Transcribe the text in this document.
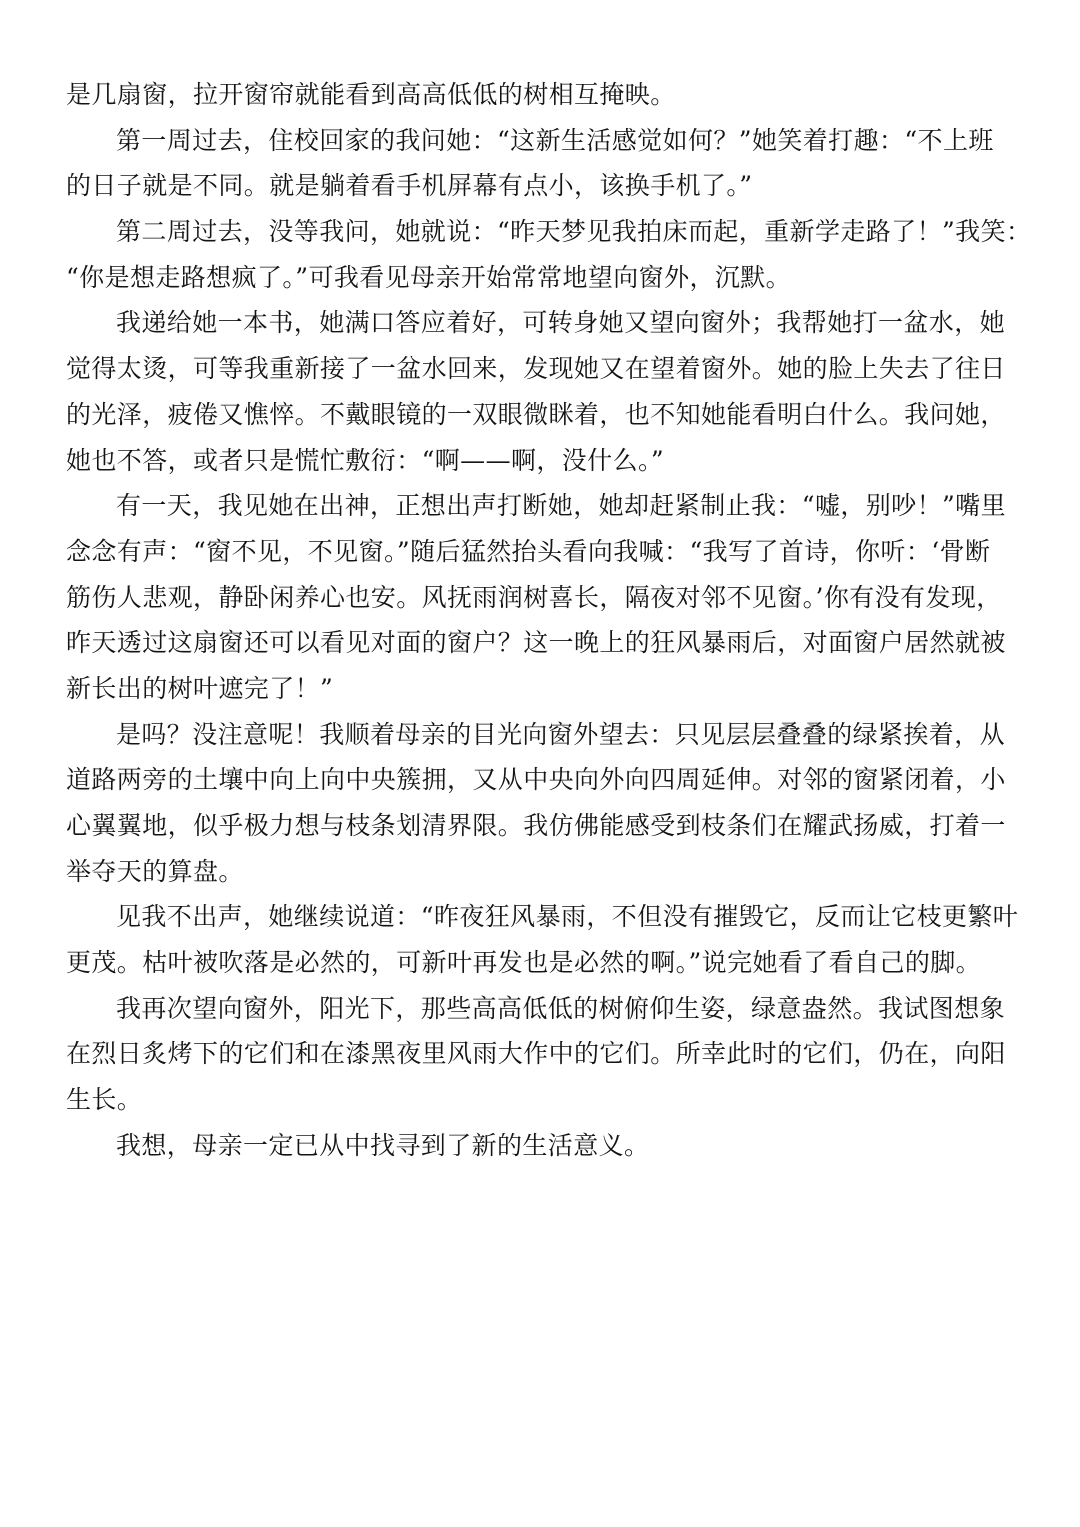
是几扇窗，拉开窗帘就能看到高高低低的树相互掩映。
第一周过去，住校回家的我问她：“这新生活感觉如何？”她笑着打趣：“不上班
的日子就是不同。就是躺着看手机屏幕有点小，该换手机了。”
第二周过去，没等我问，她就说：“昨天梦见我拍床而起，重新学走路了！”我笑：
“你是想走路想疯了。”可我看见母亲开始常常地望向窗外，沉默。
我递给她一本书，她满口答应着好，可转身她又望向窗外；我帮她打一盆水，她
觉得太烫，可等我重新接了一盆水回来，发现她又在望着窗外。她的脸上失去了往日
的光泽，疲倦又憔悴。不戴眼镜的一双眼微眯着，也不知她能看明白什么。我问她，
她也不答，或者只是慌忙敷衍：“啊——啊，没什么。”
有一天，我见她在出神，正想出声打断她，她却赶紧制止我：“嘘，别吵！”嘴里
念念有声：“窗不见，不见窗。”随后猛然抬头看向我喊：“我写了首诗，你听：‘骨断
筋伤人悲观，静卧闲养心也安。风抚雨润树喜长，隔夜对邻不见窗。’你有没有发现，
昨天透过这扇窗还可以看见对面的窗户？这一晚上的狂风暴雨后，对面窗户居然就被
新长出的树叶遮完了！”
是吗？没注意呢！我顺着母亲的目光向窗外望去：只见层层叠叠的绿紧挨着，从
道路两旁的土壤中向上向中央簇拥，又从中央向外向四周延伸。对邻的窗紧闭着，小
心翼翼地，似乎极力想与枝条划清界限。我仿佛能感受到枝条们在耀武扬威，打着一
举夺天的算盘。
见我不出声，她继续说道：“昨夜狂风暴雨，不但没有摧毁它，反而让它枝更繁叶
更茂。枯叶被吹落是必然的，可新叶再发也是必然的啊。”说完她看了看自己的脚。
我再次望向窗外，阳光下，那些高高低低的树俯仰生姿，绿意盎然。我试图想象
在烈日炙烤下的它们和在漆黑夜里风雨大作中的它们。所幸此时的它们，仍在，向阳
生长。
我想，母亲一定已从中找寻到了新的生活意义。
